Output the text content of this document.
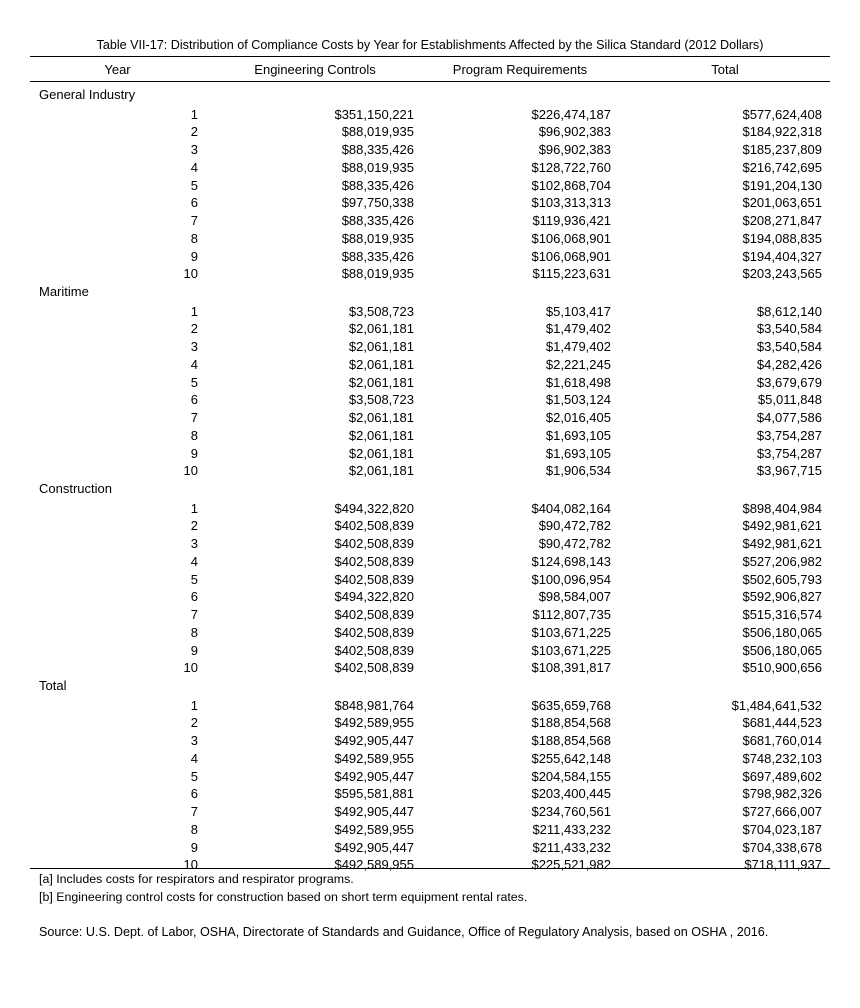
Table VII-17: Distribution of Compliance Costs by Year for Establishments Affected by the Silica Standard (2012 Dollars)
Year	Engineering Controls	Program Requirements	Total
General Industry
1	$351,150,221	$226,474,187	$577,624,408
2	$88,019,935	$96,902,383	$184,922,318
3	$88,335,426	$96,902,383	$185,237,809
4	$88,019,935	$128,722,760	$216,742,695
5	$88,335,426	$102,868,704	$191,204,130
6	$97,750,338	$103,313,313	$201,063,651
7	$88,335,426	$119,936,421	$208,271,847
8	$88,019,935	$106,068,901	$194,088,835
9	$88,335,426	$106,068,901	$194,404,327
10	$88,019,935	$115,223,631	$203,243,565
Maritime
1	$3,508,723	$5,103,417	$8,612,140
2	$2,061,181	$1,479,402	$3,540,584
3	$2,061,181	$1,479,402	$3,540,584
4	$2,061,181	$2,221,245	$4,282,426
5	$2,061,181	$1,618,498	$3,679,679
6	$3,508,723	$1,503,124	$5,011,848
7	$2,061,181	$2,016,405	$4,077,586
8	$2,061,181	$1,693,105	$3,754,287
9	$2,061,181	$1,693,105	$3,754,287
10	$2,061,181	$1,906,534	$3,967,715
Construction
1	$494,322,820	$404,082,164	$898,404,984
2	$402,508,839	$90,472,782	$492,981,621
3	$402,508,839	$90,472,782	$492,981,621
4	$402,508,839	$124,698,143	$527,206,982
5	$402,508,839	$100,096,954	$502,605,793
6	$494,322,820	$98,584,007	$592,906,827
7	$402,508,839	$112,807,735	$515,316,574
8	$402,508,839	$103,671,225	$506,180,065
9	$402,508,839	$103,671,225	$506,180,065
10	$402,508,839	$108,391,817	$510,900,656
Total
1	$848,981,764	$635,659,768	$1,484,641,532
2	$492,589,955	$188,854,568	$681,444,523
3	$492,905,447	$188,854,568	$681,760,014
4	$492,589,955	$255,642,148	$748,232,103
5	$492,905,447	$204,584,155	$697,489,602
6	$595,581,881	$203,400,445	$798,982,326
7	$492,905,447	$234,760,561	$727,666,007
8	$492,589,955	$211,433,232	$704,023,187
9	$492,905,447	$211,433,232	$704,338,678
10	$492,589,955	$225,521,982	$718,111,937
[a] Includes costs for respirators and respirator programs.
[b] Engineering control costs for construction based on short term equipment rental rates.
Source: U.S. Dept. of Labor, OSHA, Directorate of Standards and Guidance, Office of Regulatory Analysis, based on OSHA , 2016.
